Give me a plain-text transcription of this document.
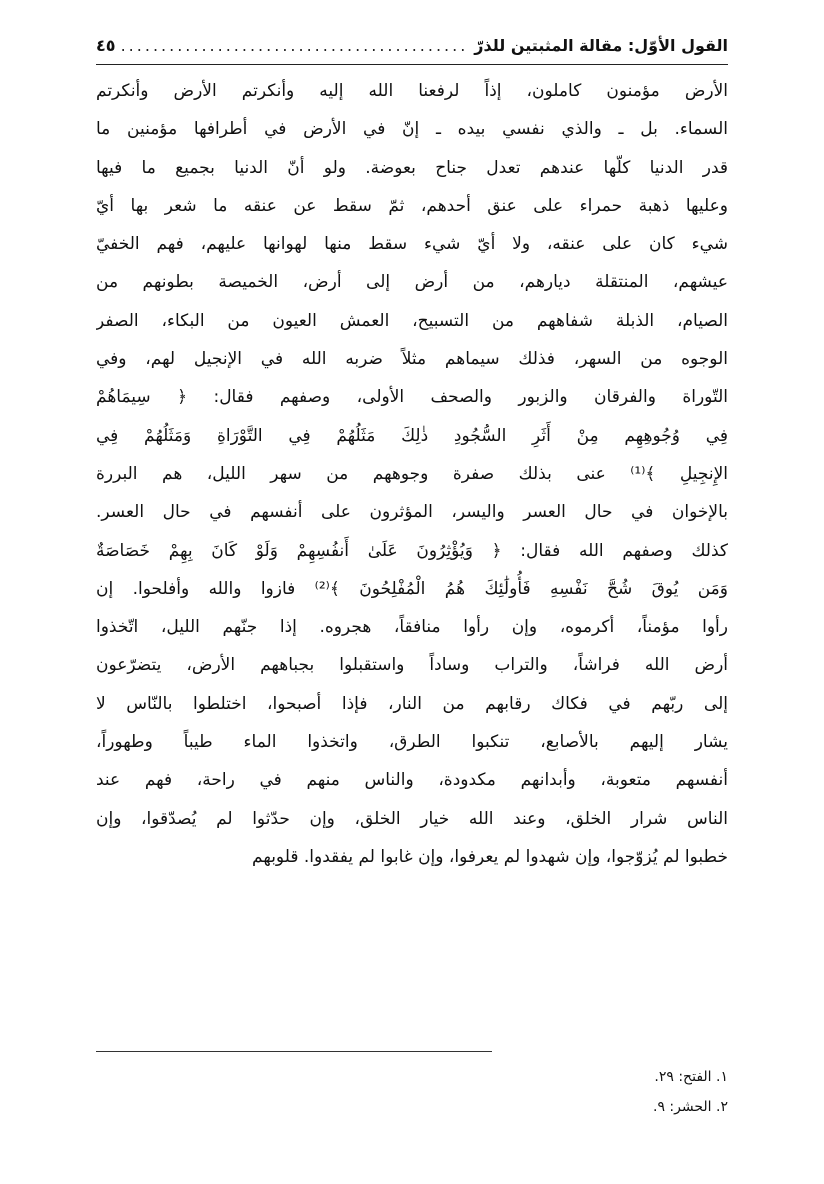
القول الأوّل: مقالة المثبتين للذرّ
...........................................
٤٥
الأرض مؤمنون كاملون، إذاً لرفعنا الله إليه وأنكرتم الأرض وأنكرتم
السماء. بل ـ والذي نفسي بيده ـ إنّ في الأرض في أطرافها مؤمنين ما
قدر الدنيا كلّها عندهم تعدل جناح بعوضة. ولو أنّ الدنيا بجميع ما فيها
وعليها ذهبة حمراء على عنق أحدهم، ثمّ سقط عن عنقه ما شعر بها أيّ
شيء كان على عنقه، ولا أيّ شيء سقط منها لهوانها عليهم، فهم الخفيّ
عيشهم، المنتقلة ديارهم، من أرض إلى أرض، الخميصة بطونهم من
الصيام، الذبلة شفاههم من التسبيح، العمش العيون من البكاء، الصفر
الوجوه من السهر، فذلك سيماهم مثلاً ضربه الله في الإنجيل لهم، وفي
التّوراة والفرقان والزبور والصحف الأولى، وصفهم فقال: ﴿ سِيمَاهُمْ
فِي وُجُوهِهِم مِنْ أَثَرِ السُّجُودِ ذٰلِكَ مَثَلُهُمْ فِي التَّوْرَاةِ وَمَثَلُهُمْ فِي
الإِنجِيلِ ﴾⁽¹⁾ عنى بذلك صفرة وجوههم من سهر الليل، هم البررة
بالإخوان في حال العسر واليسر، المؤثرون على أنفسهم في حال العسر.
كذلك وصفهم الله فقال: ﴿ وَيُؤْثِرُونَ عَلَىٰ أَنفُسِهِمْ وَلَوْ كَانَ بِهِمْ خَصَاصَةٌ
وَمَن يُوقَ شُحَّ نَفْسِهِ فَأُولَٰئِكَ هُمُ الْمُفْلِحُونَ ﴾⁽²⁾ فازوا والله وأفلحوا. إن
رأوا مؤمناً، أكرموه، وإن رأوا منافقاً، هجروه. إذا جنّهم الليل، اتّخذوا
أرض الله فراشاً، والتراب وساداً واستقبلوا بجباههم الأرض، يتضرّعون
إلى ربّهم في فكاك رقابهم من النار، فإذا أصبحوا، اختلطوا بالنّاس لا
يشار إليهم بالأصابع، تنكبوا الطرق، واتخذوا الماء طيباً وطهوراً،
أنفسهم متعوبة، وأبدانهم مكدودة، والناس منهم في راحة، فهم عند
الناس شرار الخلق، وعند الله خيار الخلق، وإن حدّثوا لم يُصدّقوا، وإن
خطبوا لم يُزوّجوا، وإن شهدوا لم يعرفوا، وإن غابوا لم يفقدوا. قلوبهم
١. الفتح: ٢٩.
٢. الحشر: ٩.
